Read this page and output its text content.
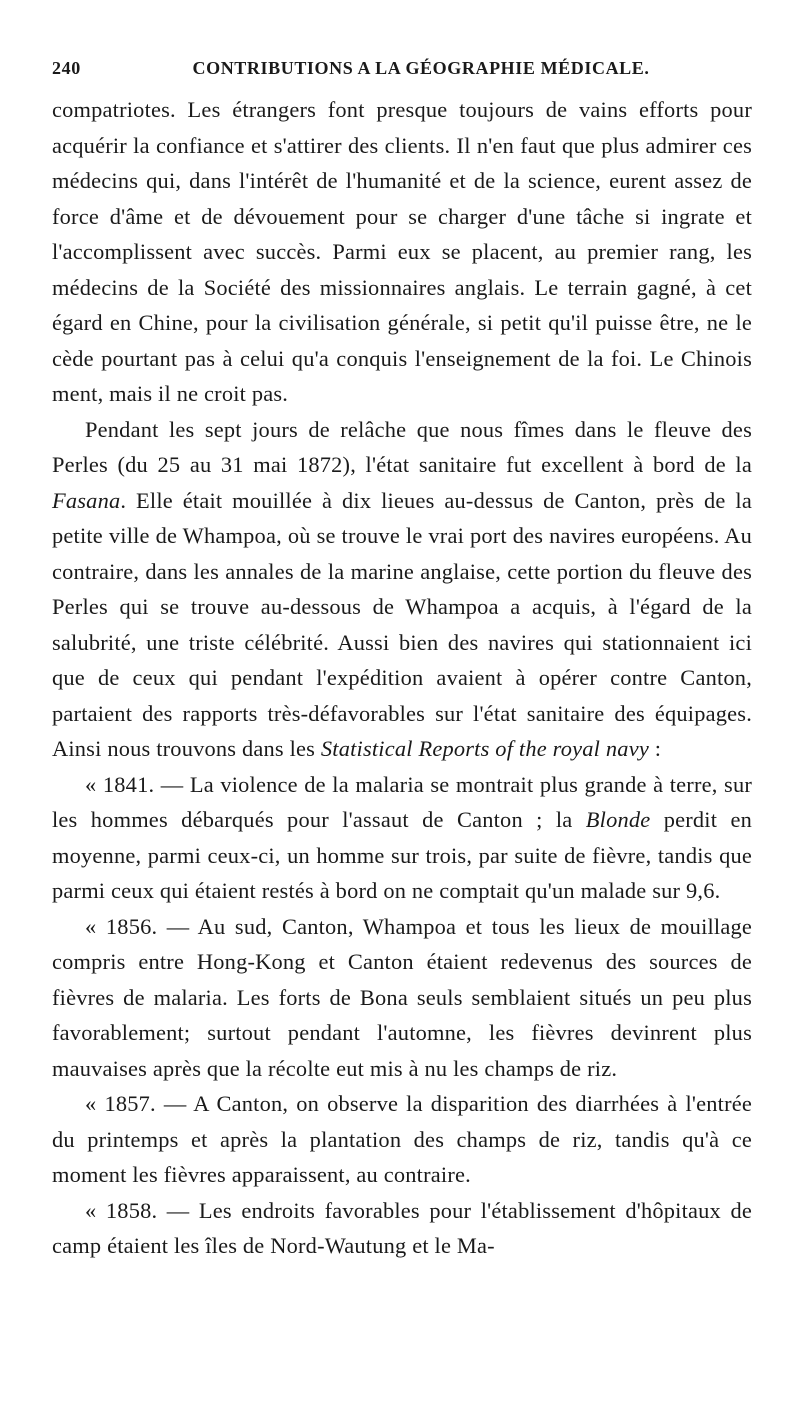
240	CONTRIBUTIONS A LA GÉOGRAPHIE MÉDICALE.

compatriotes. Les étrangers font presque toujours de vains efforts pour acquérir la confiance et s'attirer des clients. Il n'en faut que plus admirer ces médecins qui, dans l'intérêt de l'humanité et de la science, eurent assez de force d'âme et de dévouement pour se charger d'une tâche si ingrate et l'accomplissent avec succès. Parmi eux se placent, au premier rang, les médecins de la Société des missionnaires anglais. Le terrain gagné, à cet égard en Chine, pour la civilisation générale, si petit qu'il puisse être, ne le cède pourtant pas à celui qu'a conquis l'enseignement de la foi. Le Chinois ment, mais il ne croit pas.

Pendant les sept jours de relâche que nous fîmes dans le fleuve des Perles (du 25 au 31 mai 1872), l'état sanitaire fut excellent à bord de la Fasana. Elle était mouillée à dix lieues au-dessus de Canton, près de la petite ville de Whampoa, où se trouve le vrai port des navires européens. Au contraire, dans les annales de la marine anglaise, cette portion du fleuve des Perles qui se trouve au-dessous de Whampoa a acquis, à l'égard de la salubrité, une triste célébrité. Aussi bien des navires qui stationnaient ici que de ceux qui pendant l'expédition avaient à opérer contre Canton, partaient des rapports très-défavorables sur l'état sanitaire des équipages. Ainsi nous trouvons dans les Statistical Reports of the royal navy :

« 1841. — La violence de la malaria se montrait plus grande à terre, sur les hommes débarqués pour l'assaut de Canton ; la Blonde perdit en moyenne, parmi ceux-ci, un homme sur trois, par suite de fièvre, tandis que parmi ceux qui étaient restés à bord on ne comptait qu'un malade sur 9,6.

« 1856. — Au sud, Canton, Whampoa et tous les lieux de mouillage compris entre Hong-Kong et Canton étaient redevenus des sources de fièvres de malaria. Les forts de Bona seuls semblaient situés un peu plus favorablement; surtout pendant l'automne, les fièvres devinrent plus mauvaises après que la récolte eut mis à nu les champs de riz.

« 1857. — A Canton, on observe la disparition des diarrhées à l'entrée du printemps et après la plantation des champs de riz, tandis qu'à ce moment les fièvres apparaissent, au contraire.

« 1858. — Les endroits favorables pour l'établissement d'hôpitaux de camp étaient les îles de Nord-Wautung et le Ma-
